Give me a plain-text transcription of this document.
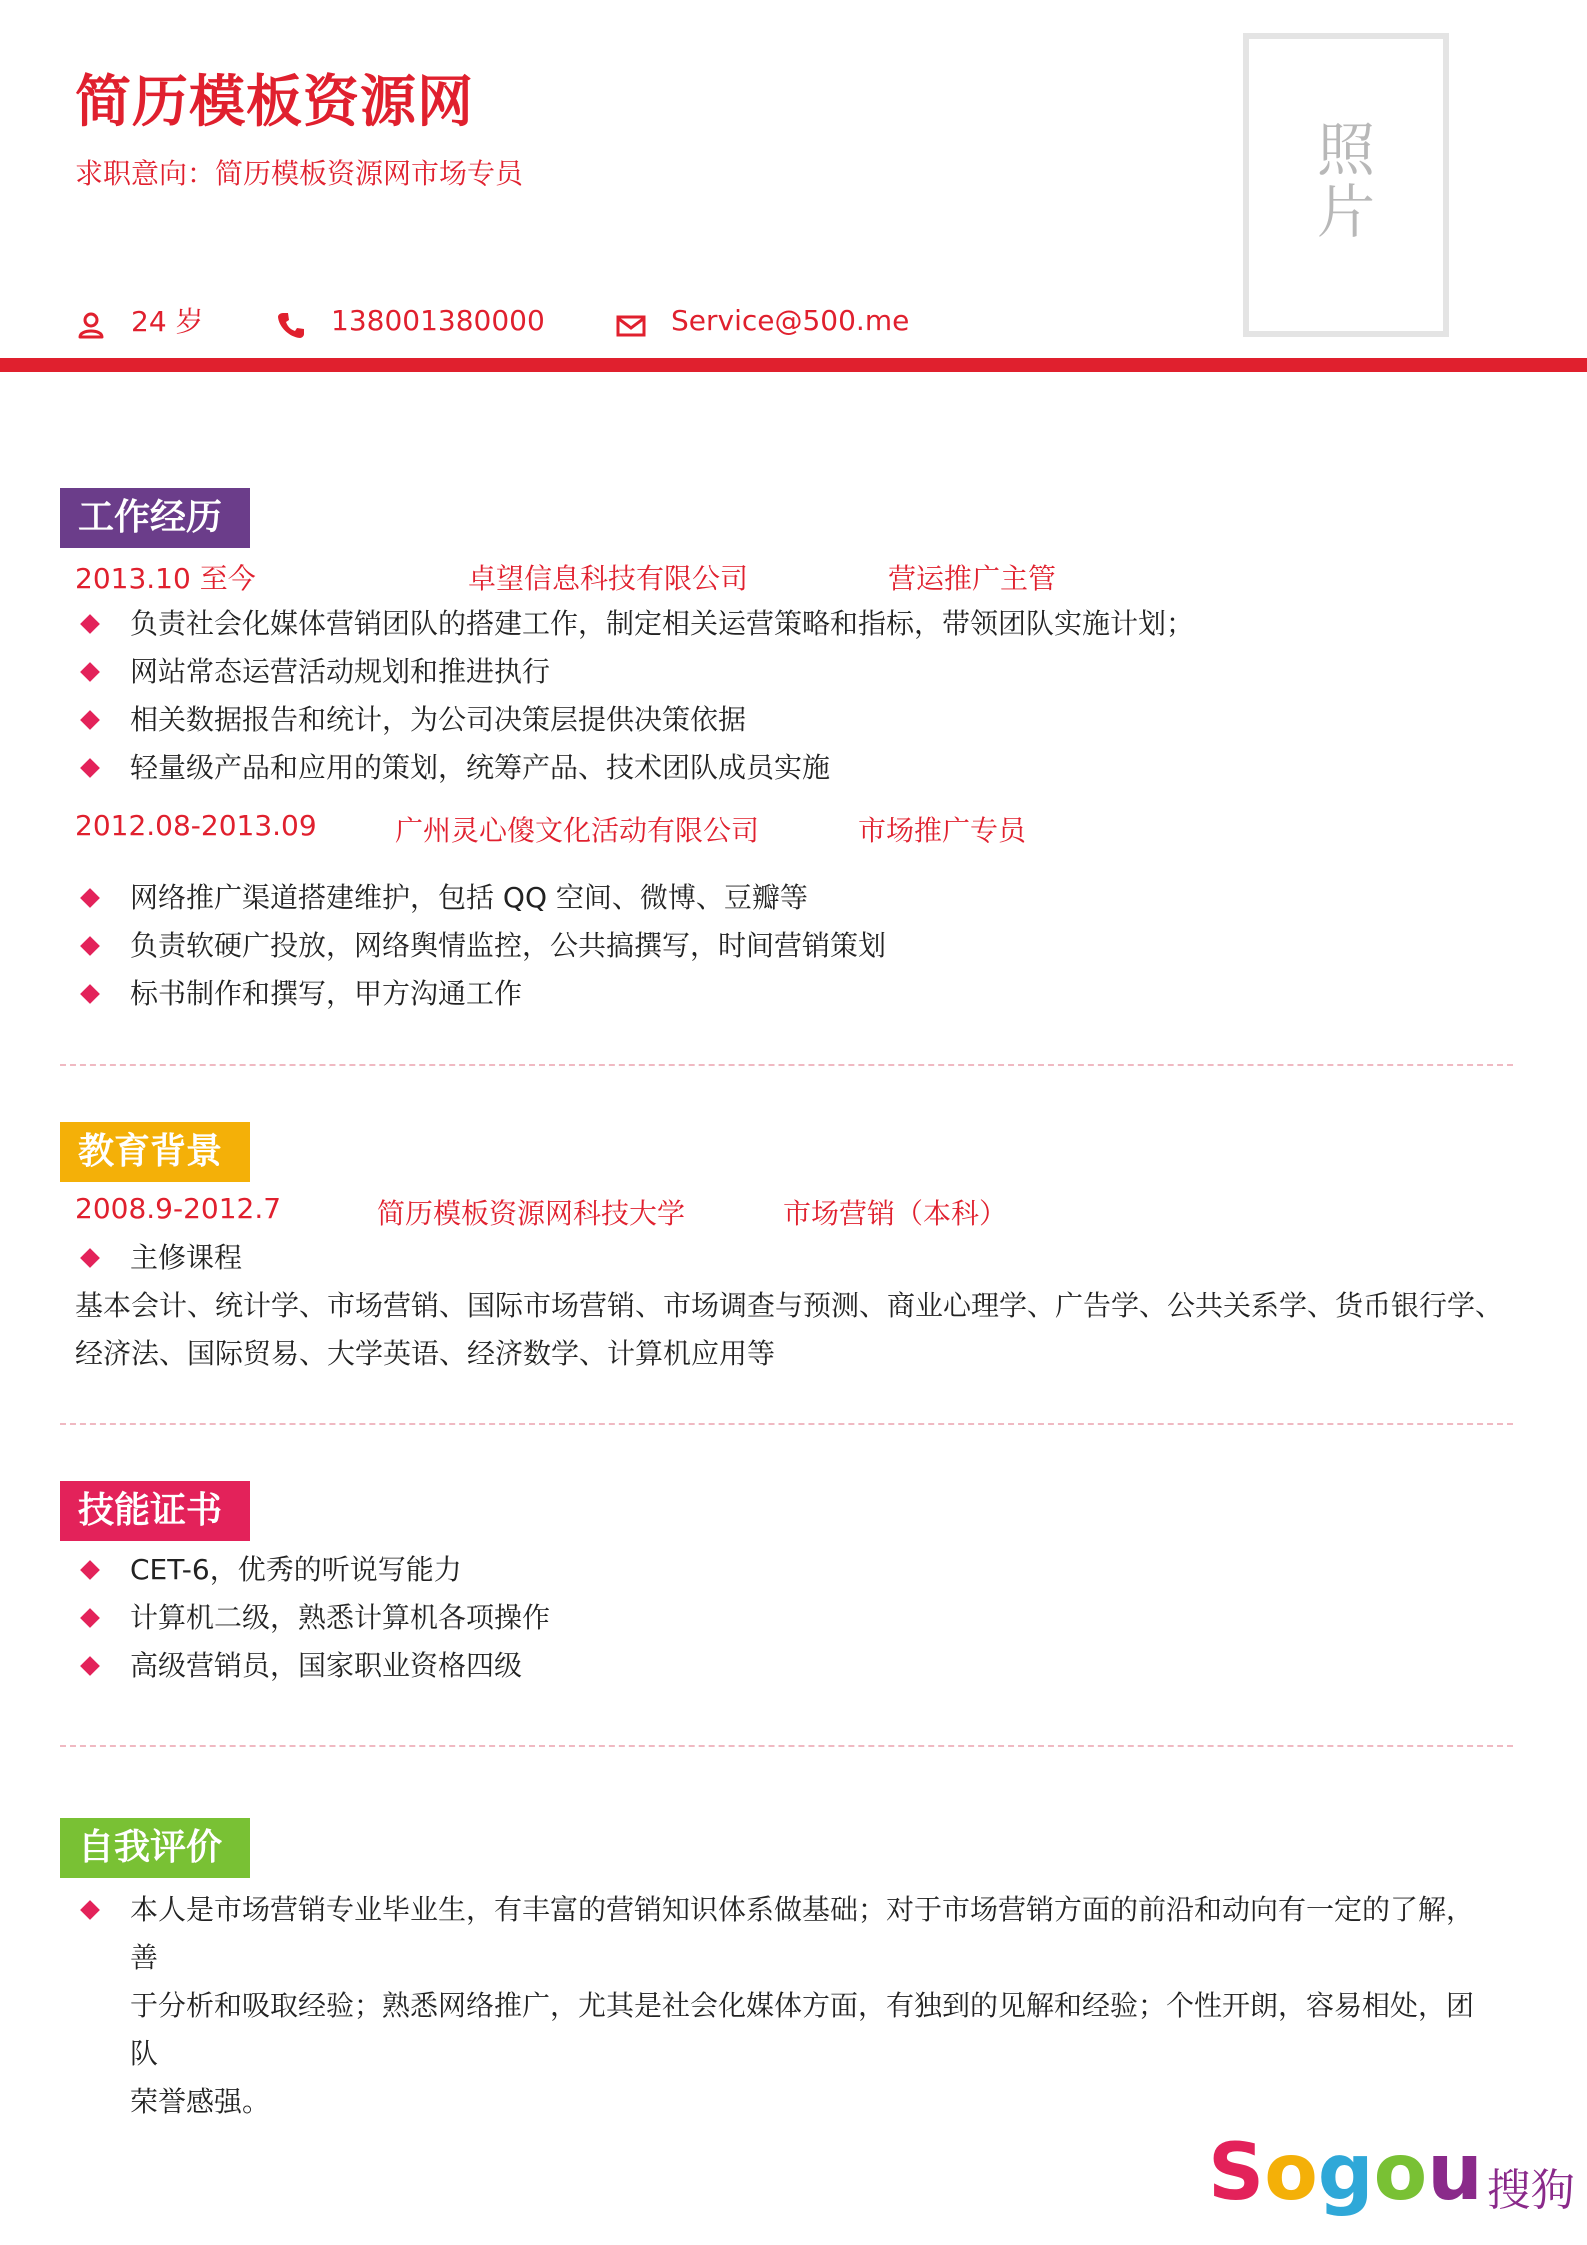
简历模板资源网
求职意向：简历模板资源网市场专员
24 岁	138001380000	Service@500.me
照片
工作经历
2013.10 至今	卓望信息科技有限公司	营运推广主管
负责社会化媒体营销团队的搭建工作，制定相关运营策略和指标，带领团队实施计划；
网站常态运营活动规划和推进执行
相关数据报告和统计，为公司决策层提供决策依据
轻量级产品和应用的策划，统筹产品、技术团队成员实施
2012.08-2013.09	广州灵心傻文化活动有限公司	市场推广专员
网络推广渠道搭建维护，包括 QQ 空间、微博、豆瓣等
负责软硬广投放，网络舆情监控，公共搞撰写，时间营销策划
标书制作和撰写，甲方沟通工作
教育背景
2008.9-2012.7	简历模板资源网科技大学	市场营销（本科）
主修课程
基本会计、统计学、市场营销、国际市场营销、市场调查与预测、商业心理学、广告学、公共关系学、货币银行学、
经济法、国际贸易、大学英语、经济数学、计算机应用等
技能证书
CET-6，优秀的听说写能力
计算机二级，熟悉计算机各项操作
高级营销员，国家职业资格四级
自我评价
本人是市场营销专业毕业生，有丰富的营销知识体系做基础；对于市场营销方面的前沿和动向有一定的了解，善
于分析和吸取经验；熟悉网络推广，尤其是社会化媒体方面，有独到的见解和经验；个性开朗，容易相处，团队
荣誉感强。
Sogou搜狗
